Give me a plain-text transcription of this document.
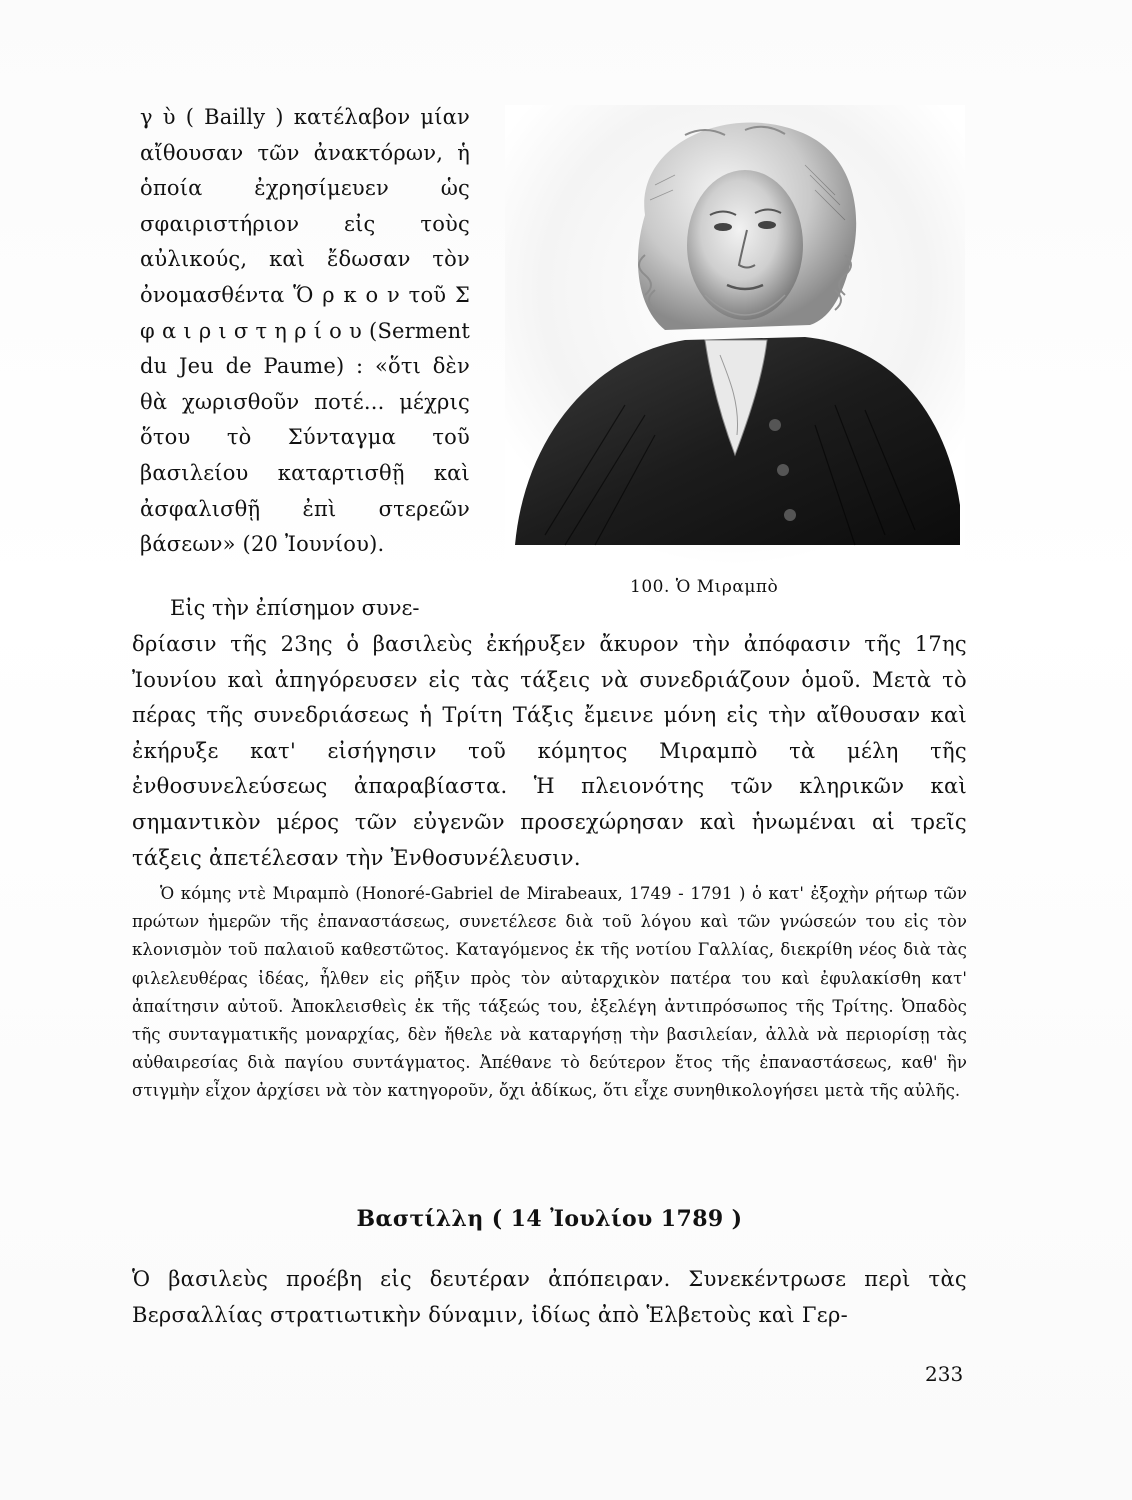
γ ὺ ( Bailly ) κατέλαβον μίαν αἴθουσαν τῶν ἀνακτόρων, ἡ ὁποία ἐχρησίμευεν ὡς σφαιριστήριον εἰς τοὺς αὐλικούς, καὶ ἔδωσαν τὸν ὀνομασθέντα Ὅ ρ κ ο ν τοῦ Σ φ α ι ρ ι σ τ η ρ ί ο υ (Serment du Jeu de Paume) : «ὅτι δὲν θὰ χωρισθοῦν ποτέ... μέχρις ὅτου τὸ Σύνταγμα τοῦ βασιλείου καταρτισθῇ καὶ ἀσφαλισθῇ ἐπὶ στερεῶν βάσεων» (20 Ἰουνίου).

100. Ὁ Μιραμπὸ
Εἰς τὴν ἐπίσημον συνε-

δρίασιν τῆς 23ης ὁ βασιλεὺς ἐκήρυξεν ἄκυρον τὴν ἀπόφασιν τῆς 17ης Ἰουνίου καὶ ἀπηγόρευσεν εἰς τὰς τάξεις νὰ συνεδριάζουν ὁμοῦ. Μετὰ τὸ πέρας τῆς συνεδριάσεως ἡ Τρίτη Τάξις ἔμεινε μόνη εἰς τὴν αἴθουσαν καὶ ἐκήρυξε κατ' εἰσήγησιν τοῦ κόμητος Μιραμπὸ τὰ μέλη τῆς ἐνθοσυνελεύσεως ἀπαραβίαστα. Ἡ πλειονότης τῶν κληρικῶν καὶ σημαντικὸν μέρος τῶν εὐγενῶν προσεχώρησαν καὶ ἡνωμέναι αἱ τρεῖς τάξεις ἀπετέλεσαν τὴν Ἐνθοσυνέλευσιν.

Ὁ κόμης ντὲ Μιραμπὸ (Honoré-Gabriel de Mirabeaux, 1749 - 1791 ) ὁ κατ' ἐξοχὴν ρήτωρ τῶν πρώτων ἡμερῶν τῆς ἐπαναστάσεως, συνετέλεσε διὰ τοῦ λόγου καὶ τῶν γνώσεών του εἰς τὸν κλονισμὸν τοῦ παλαιοῦ καθεστῶτος. Καταγόμενος ἐκ τῆς νοτίου Γαλλίας, διεκρίθη νέος διὰ τὰς φιλελευθέρας ἰδέας, ἦλθεν εἰς ρῆξιν πρὸς τὸν αὐταρχικὸν πατέρα του καὶ ἐφυλακίσθη κατ' ἀπαίτησιν αὐτοῦ. Ἀποκλεισθεὶς ἐκ τῆς τάξεώς του, ἐξελέγη ἀντιπρόσωπος τῆς Τρίτης. Ὀπαδὸς τῆς συνταγματικῆς μοναρχίας, δὲν ἤθελε νὰ καταργήσῃ τὴν βασιλείαν, ἀλλὰ νὰ περιορίσῃ τὰς αὐθαιρεσίας διὰ παγίου συντάγματος. Ἀπέθανε τὸ δεύτερον ἔτος τῆς ἐπαναστάσεως, καθ' ἣν στιγμὴν εἶχον ἀρχίσει νὰ τὸν κατηγοροῦν, ὄχι ἀδίκως, ὅτι εἶχε συνηθικολογήσει μετὰ τῆς αὐλῆς.

Βαστίλλη ( 14 Ἰουλίου 1789 )

Ὁ βασιλεὺς προέβη εἰς δευτέραν ἀπόπειραν. Συνεκέντρωσε περὶ τὰς Βερσαλλίας στρατιωτικὴν δύναμιν, ἰδίως ἀπὸ Ἑλβετοὺς καὶ Γερ-

233
